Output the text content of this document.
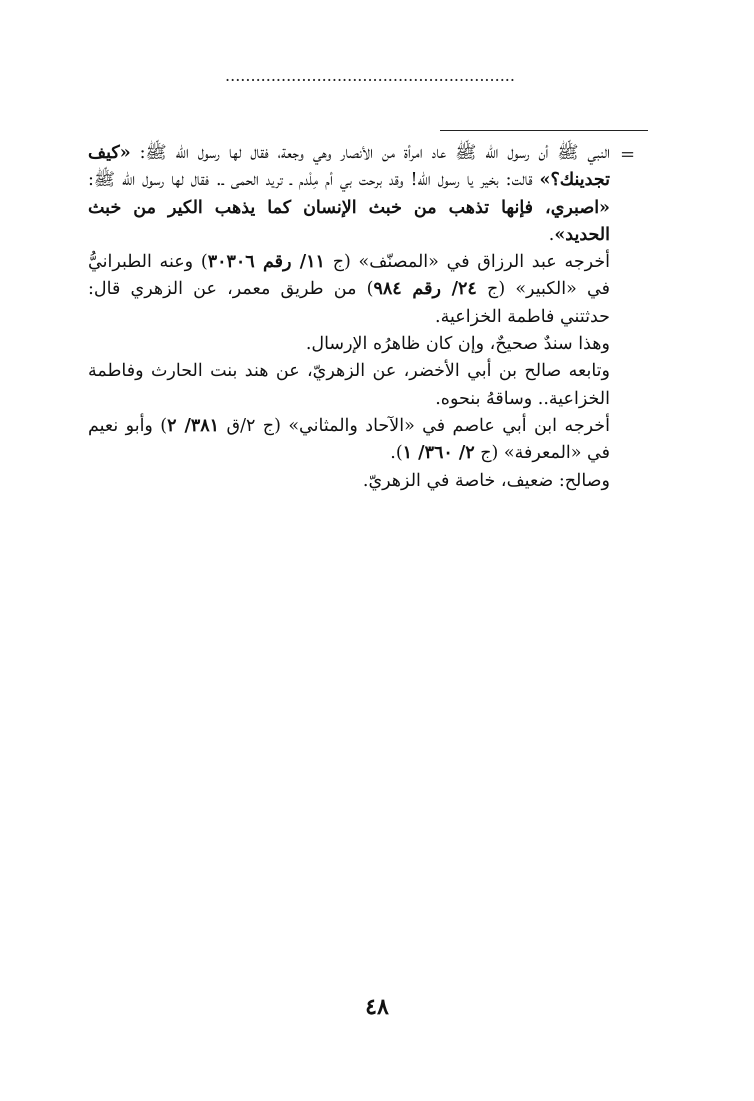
.........................................................
=

النبي ﷺ أن رسول الله ﷺ عاد امرأة من الأنصار وهي وجعة، فقال لها رسول الله ﷺ: «كيف تجدينك؟» قالت: بخير يا رسول الله! وقد برحت بي أم مِلْدم ـ تريد الحمى ـ. فقال لها رسول الله ﷺ: «اصبري، فإنها تذهب من خبث الإنسان كما يذهب الكير من خبث الحديد».

أخرجه عبد الرزاق في «المصنّف» (ج ١١/ رقم ٣٠٣٠٦) وعنه الطبرانيُّ في «الكبير» (ج ٢٤/ رقم ٩٨٤) من طريق معمر، عن الزهري قال: حدثتني فاطمة الخزاعية.

وهذا سندٌ صحيحٌ، وإن كان ظاهرُه الإرسال.

وتابعه صالح بن أبي الأخضر، عن الزهريّ، عن هند بنت الحارث وفاطمة الخزاعية.. وساقهُ بنحوه.

أخرجه ابن أبي عاصم في «الآحاد والمثاني» (ج ٢/ق ٣٨١/ ٢) وأبو نعيم في «المعرفة» (ج ٢/ ٣٦٠/ ١).

وصالح: ضعيف، خاصة في الزهريّ.

٤٨
